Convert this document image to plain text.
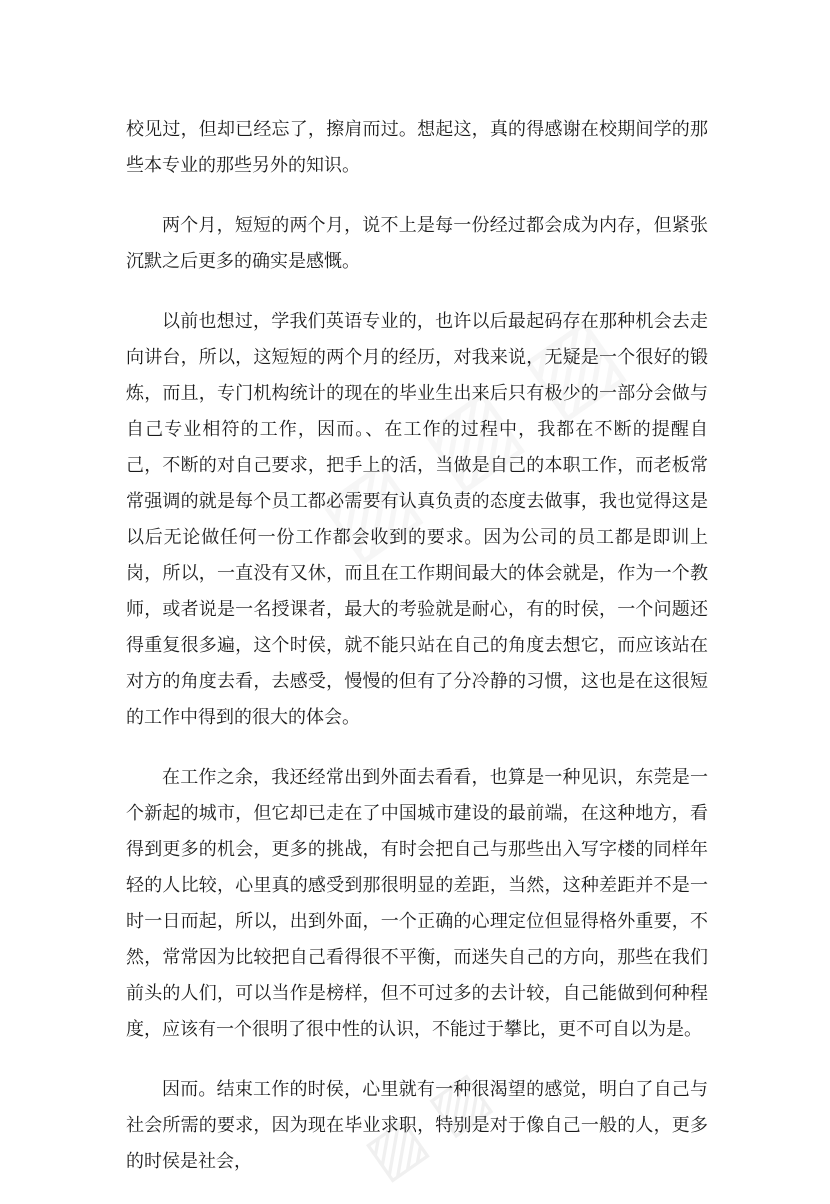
▨ ▨

校见过，但却已经忘了，擦肩而过。想起这，真的得感谢在校期间学的那些本专业的那些另外的知识。

两个月，短短的两个月，说不上是每一份经过都会成为内存，但紧张沉默之后更多的确实是感慨。

以前也想过，学我们英语专业的，也许以后最起码存在那种机会去走向讲台，所以，这短短的两个月的经历，对我来说，无疑是一个很好的锻炼，而且，专门机构统计的现在的毕业生出来后只有极少的一部分会做与自己专业相符的工作，因而。、在工作的过程中，我都在不断的提醒自己，不断的对自己要求，把手上的活，当做是自己的本职工作，而老板常常强调的就是每个员工都必需要有认真负责的态度去做事，我也觉得这是以后无论做任何一份工作都会收到的要求。因为公司的员工都是即训上岗，所以，一直没有又休，而且在工作期间最大的体会就是，作为一个教师，或者说是一名授课者，最大的考验就是耐心，有的时侯，一个问题还得重复很多遍，这个时侯，就不能只站在自己的角度去想它，而应该站在对方的角度去看，去感受，慢慢的但有了分冷静的习惯，这也是在这很短的工作中得到的很大的体会。

在工作之余，我还经常出到外面去看看，也算是一种见识，东莞是一个新起的城市，但它却已走在了中国城市建设的最前端，在这种地方，看得到更多的机会，更多的挑战，有时会把自己与那些出入写字楼的同样年轻的人比较，心里真的感受到那很明显的差距，当然，这种差距并不是一时一日而起，所以，出到外面，一个正确的心理定位但显得格外重要，不然，常常因为比较把自己看得很不平衡，而迷失自己的方向，那些在我们前头的人们，可以当作是榜样，但不可过多的去计较，自己能做到何种程度，应该有一个很明了很中性的认识，不能过于攀比，更不可自以为是。

因而。结束工作的时侯，心里就有一种很渴望的感觉，明白了自己与社会所需的要求，因为现在毕业求职，特别是对于像自己一般的人，更多的时侯是社会，
